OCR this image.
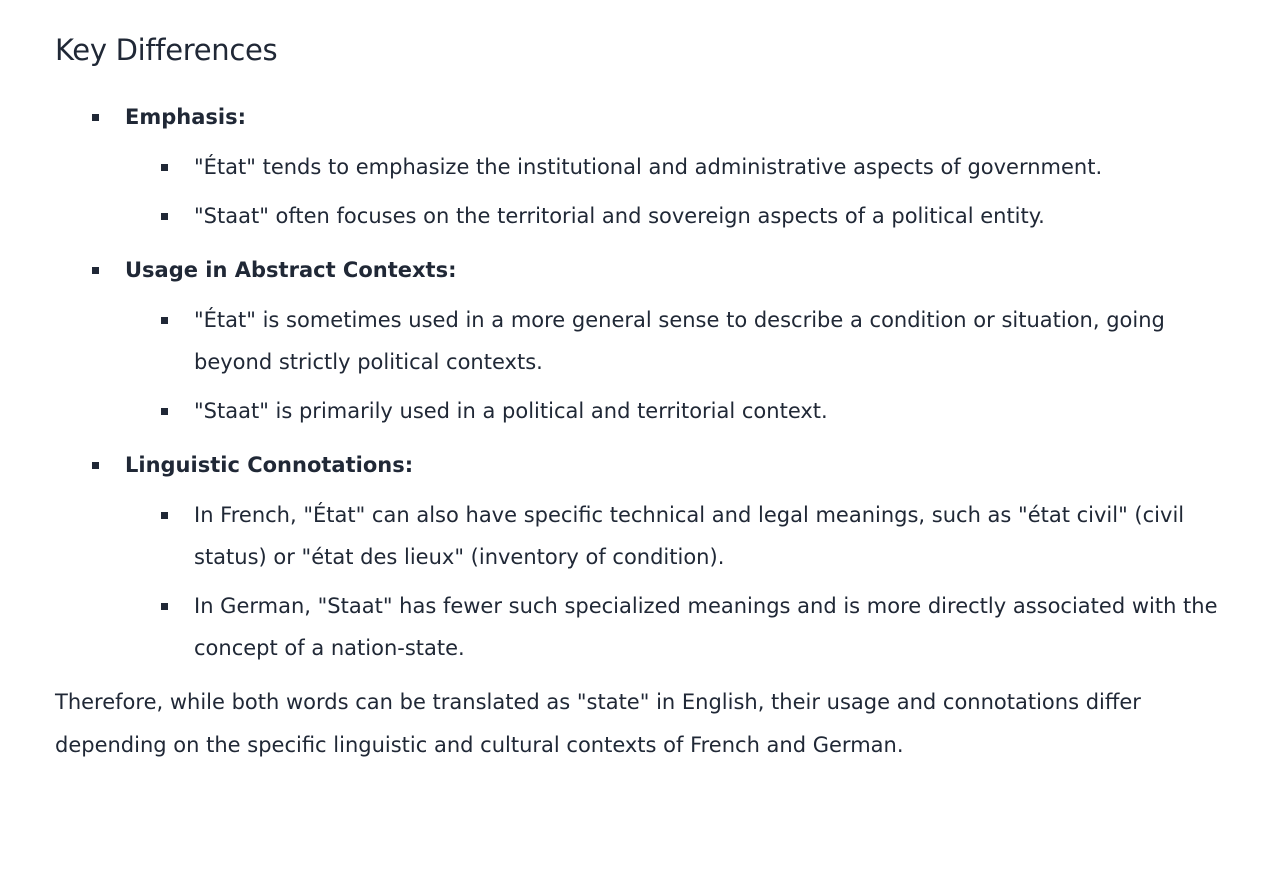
Key Differences
Emphasis:
"État" tends to emphasize the institutional and administrative aspects of government.
"Staat" often focuses on the territorial and sovereign aspects of a political entity.
Usage in Abstract Contexts:
"État" is sometimes used in a more general sense to describe a condition or situation, going beyond strictly political contexts.
"Staat" is primarily used in a political and territorial context.
Linguistic Connotations:
In French, "État" can also have specific technical and legal meanings, such as "état civil" (civil status) or "état des lieux" (inventory of condition).
In German, "Staat" has fewer such specialized meanings and is more directly associated with the concept of a nation-state.

Therefore, while both words can be translated as "state" in English, their usage and connotations differ depending on the specific linguistic and cultural contexts of French and German.
